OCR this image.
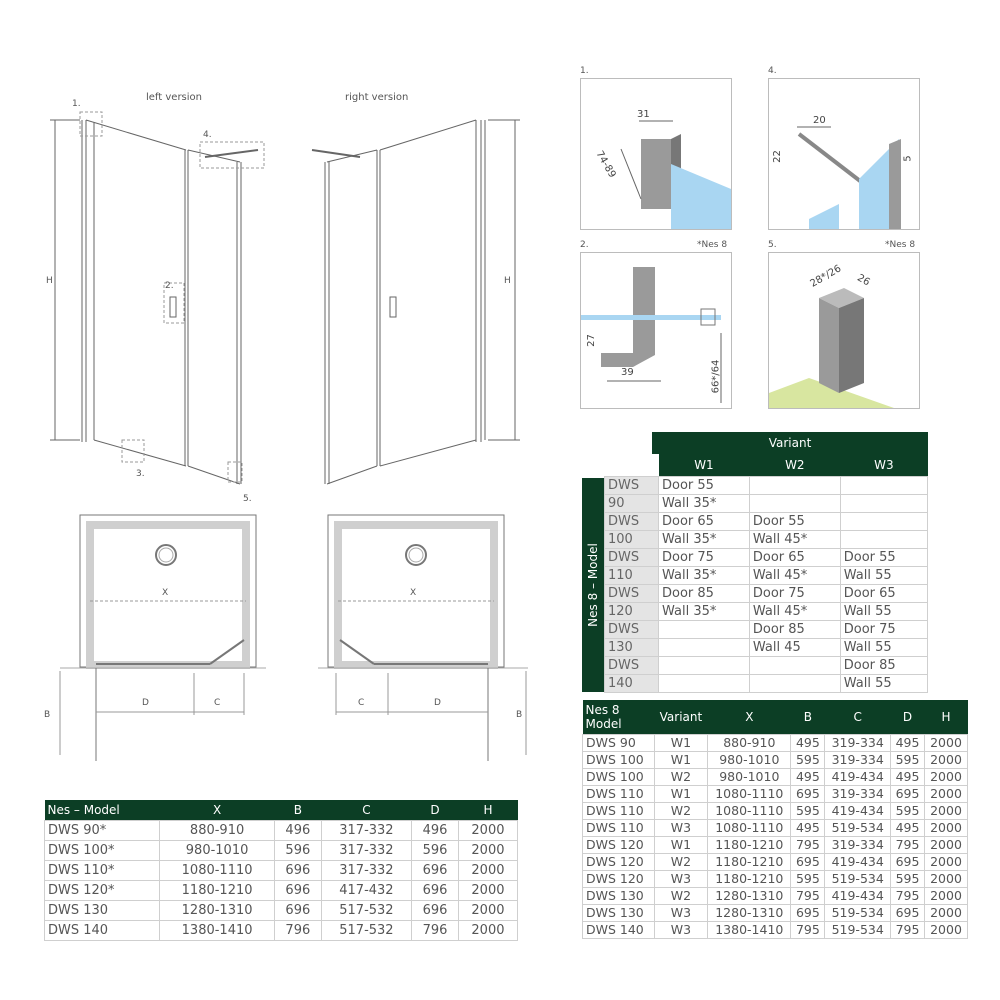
left version	right version
H	H
1.
4.
2.
3.
5.
X	X
D	C	C	D
B	B
1.
31
74-89
2.	*Nes 8
27
39	66*/64
4.
20
22	5
5.	*Nes 8
28*/26 26
Nes 8 – Model
Variant
	W1	W2	W3
DWS	Door 55		
90	Wall 35*		
DWS	Door 65	Door 55	
100	Wall 35*	Wall 45*	
DWS	Door 75	Door 65	Door 55
110	Wall 35*	Wall 45*	Wall 55
DWS	Door 85	Door 75	Door 65
120	Wall 35*	Wall 45*	Wall 55
DWS		Door 85	Door 75
130		Wall 45	Wall 55
DWS			Door 85
140			Wall 55
Nes 8
Model	Variant	X	B	C	D	H
DWS 90	W1	880-910	495	319-334	495	2000
DWS 100	W1	980-1010	595	319-334	595	2000
DWS 100	W2	980-1010	495	419-434	495	2000
DWS 110	W1	1080-1110	695	319-334	695	2000
DWS 110	W2	1080-1110	595	419-434	595	2000
DWS 110	W3	1080-1110	495	519-534	495	2000
DWS 120	W1	1180-1210	795	319-334	795	2000
DWS 120	W2	1180-1210	695	419-434	695	2000
DWS 120	W3	1180-1210	595	519-534	595	2000
DWS 130	W2	1280-1310	795	419-434	795	2000
DWS 130	W3	1280-1310	695	519-534	695	2000
DWS 140	W3	1380-1410	795	519-534	795	2000
Nes – Model	X	B	C	D	H
DWS 90*	880-910	496	317-332	496	2000
DWS 100*	980-1010	596	317-332	596	2000
DWS 110*	1080-1110	696	317-332	696	2000
DWS 120*	1180-1210	696	417-432	696	2000
DWS 130	1280-1310	696	517-532	696	2000
DWS 140	1380-1410	796	517-532	796	2000
